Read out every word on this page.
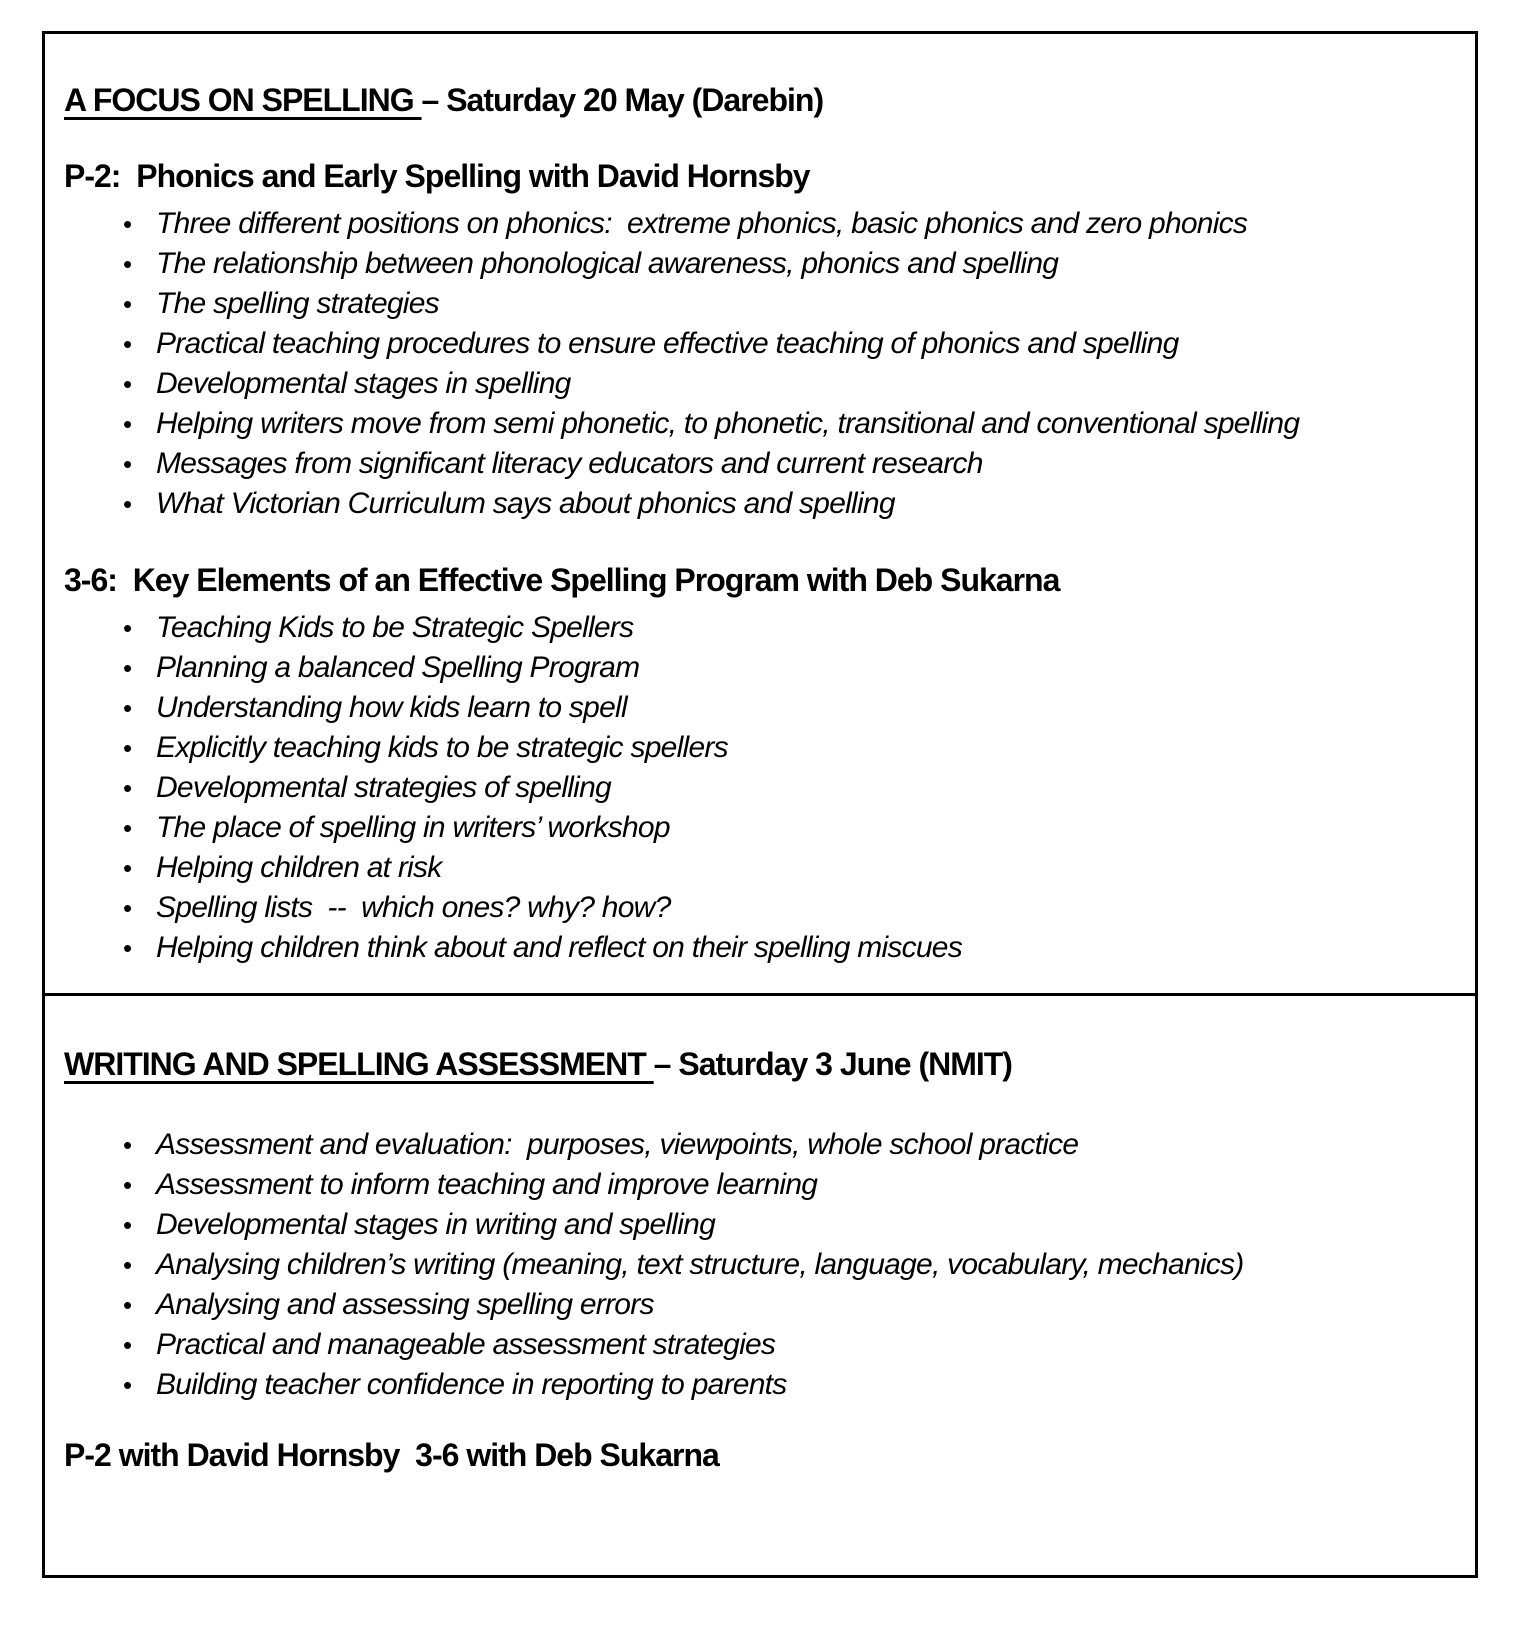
A FOCUS ON SPELLING – Saturday 20 May (Darebin)
P-2:  Phonics and Early Spelling with David Hornsby
• Three different positions on phonics:  extreme phonics, basic phonics and zero phonics
• The relationship between phonological awareness, phonics and spelling
• The spelling strategies
• Practical teaching procedures to ensure effective teaching of phonics and spelling
• Developmental stages in spelling
• Helping writers move from semi phonetic, to phonetic, transitional and conventional spelling
• Messages from significant literacy educators and current research
• What Victorian Curriculum says about phonics and spelling
3-6:  Key Elements of an Effective Spelling Program with Deb Sukarna
• Teaching Kids to be Strategic Spellers
• Planning a balanced Spelling Program
• Understanding how kids learn to spell
• Explicitly teaching kids to be strategic spellers
• Developmental strategies of spelling
• The place of spelling in writers’ workshop
• Helping children at risk
• Spelling lists  --  which ones? why? how?
• Helping children think about and reflect on their spelling miscues
WRITING AND SPELLING ASSESSMENT – Saturday 3 June (NMIT)
• Assessment and evaluation:  purposes, viewpoints, whole school practice
• Assessment to inform teaching and improve learning
• Developmental stages in writing and spelling
• Analysing children’s writing (meaning, text structure, language, vocabulary, mechanics)
• Analysing and assessing spelling errors
• Practical and manageable assessment strategies
• Building teacher confidence in reporting to parents

P-2 with David Hornsby  3-6 with Deb Sukarna
